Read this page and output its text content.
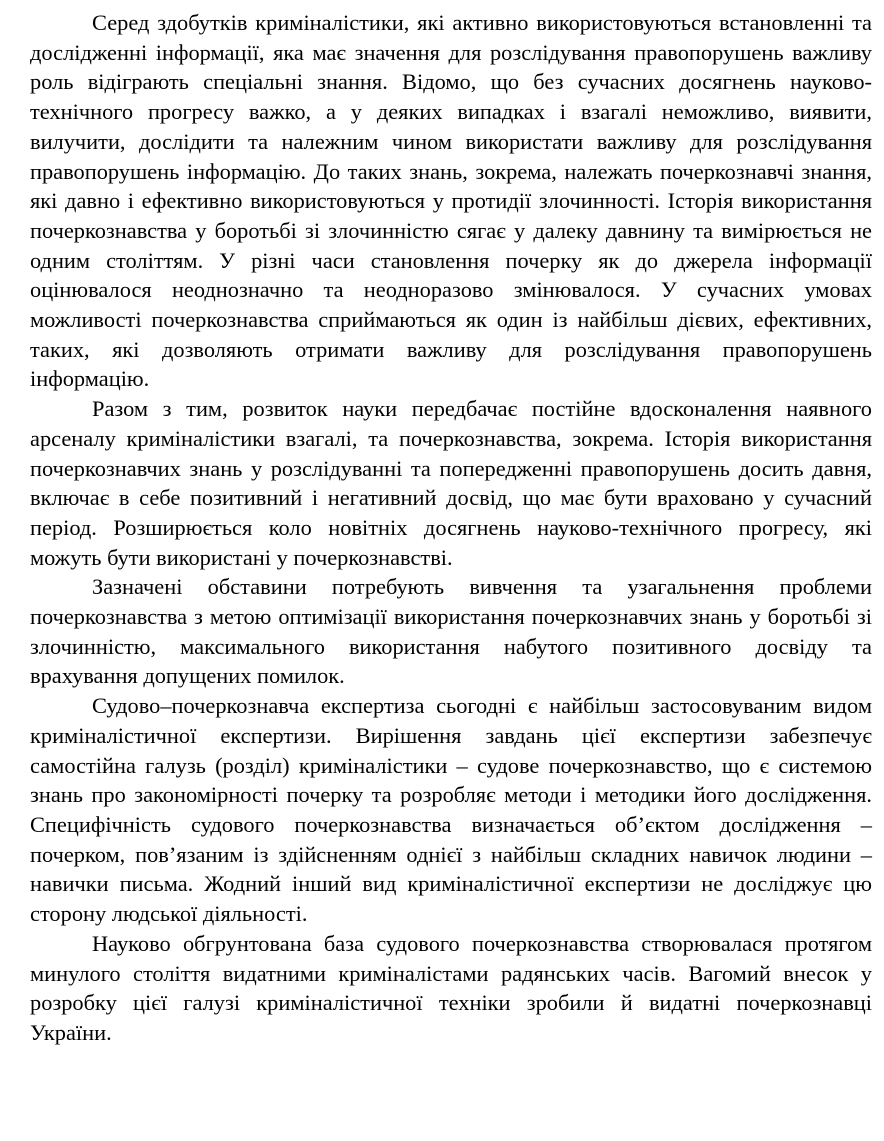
Серед здобутків криміналістики, які активно використовуються встановленні та дослідженні інформації, яка має значення для розслідування правопорушень важливу роль відіграють спеціальні знання. Відомо, що без сучасних досягнень науково-технічного прогресу важко, а у деяких випадках і взагалі неможливо, виявити, вилучити, дослідити та належним чином використати важливу для розслідування правопорушень інформацію. До таких знань, зокрема, належать почеркознавчі знання, які давно і ефективно використовуються у протидії злочинності. Історія використання почеркознавства у боротьбі зі злочинністю сягає у далеку давнину та вимірюється не одним століттям. У різні часи становлення почерку як до джерела інформації оцінювалося неоднозначно та неодноразово змінювалося. У сучасних умовах можливості почеркознавства сприймаються як один із найбільш дієвих, ефективних, таких, які дозволяють отримати важливу для розслідування правопорушень інформацію.

Разом з тим, розвиток науки передбачає постійне вдосконалення наявного арсеналу криміналістики взагалі, та почеркознавства, зокрема. Історія використання почеркознавчих знань у розслідуванні та попередженні правопорушень досить давня, включає в себе позитивний і негативний досвід, що має бути враховано у сучасний період. Розширюється коло новітніх досягнень науково-технічного прогресу, які можуть бути використані у почеркознавстві.

Зазначені обставини потребують вивчення та узагальнення проблеми почеркознавства з метою оптимізації використання почеркознавчих знань у боротьбі зі злочинністю, максимального використання набутого позитивного досвіду та врахування допущених помилок.

Судово–почеркознавча експертиза сьогодні є найбільш застосовуваним видом криміналістичної експертизи. Вирішення завдань цієї експертизи забезпечує самостійна галузь (розділ) криміналістики – судове почеркознавство, що є системою знань про закономірності почерку та розробляє методи і методики його дослідження. Специфічність судового почеркознавства визначається об’єктом дослідження – почерком, пов’язаним із здійсненням однієї з найбільш складних навичок людини – навички письма. Жодний інший вид криміналістичної експертизи не досліджує цю сторону людської діяльності.

Науково обгрунтована база судового почеркознавства створювалася протягом минулого століття видатними криміналістами радянських часів. Вагомий внесок у розробку цієї галузі криміналістичної техніки зробили й видатні почеркознавці України.
